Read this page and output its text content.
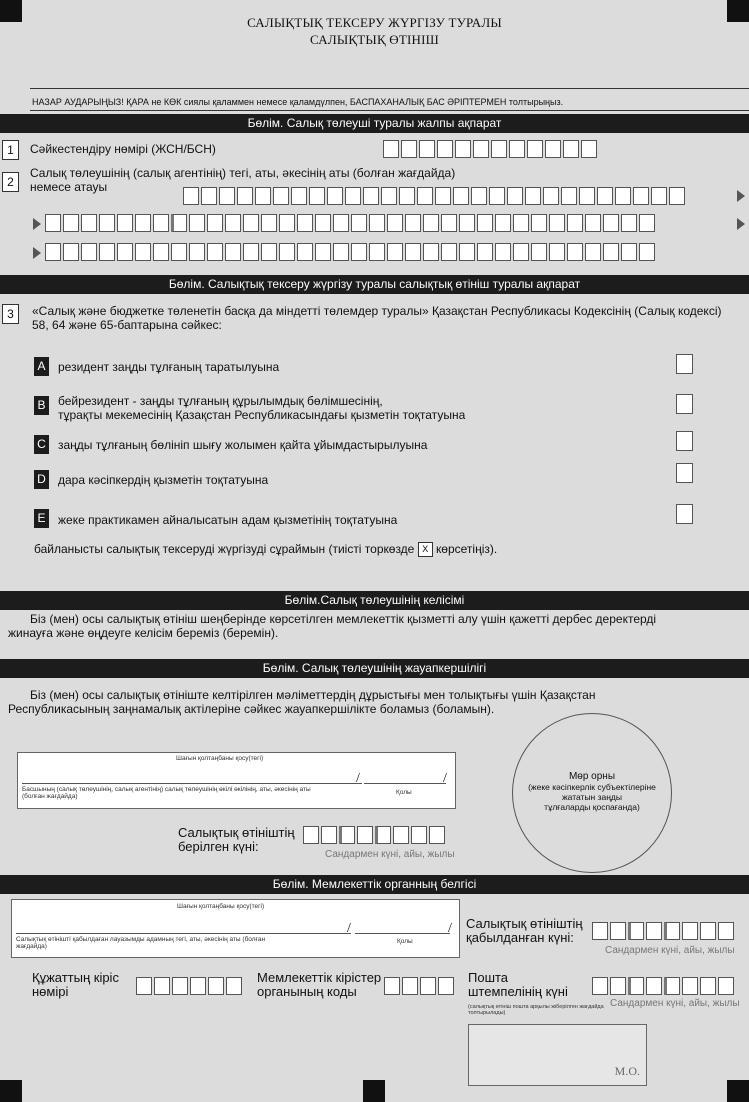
САЛЫҚТЫҚ ТЕКСЕРУ ЖҮРГІЗУ ТУРАЛЫ
САЛЫҚТЫҚ ӨТІНІШ
НАЗАР АУДАРЫҢЫЗ! ҚАРА не КӨК сиялы қаламмен немесе қаламдүлпен, БАСПАХАНАЛЫҚ БАС ӘРІПТЕРМЕН толтырыңыз.
Бөлім. Салық төлеушi туралы жалпы ақпарат
1	Сәйкестендіру нөмiрi (ЖСН/БСН)
2
Салық төлеушінің (салық агентінің) тегі, аты, әкесінің аты (болған жағдайда)
немесе атауы
Бөлім. Салықтық тексеру жүргізу туралы салықтық өтініш туралы ақпарат
3	«Салық және бюджетке төленетін басқа да міндетті төлемдер туралы» Қазақстан Республикасы Кодексінің (Салық кодексі)
58, 64 және 65-баптарына сәйкес:
A резидент заңды тұлғаның таратылуына
B бейрезидент - заңды тұлғаның құрылымдық бөлімшесінің,
тұрақты мекемесінің Қазақстан Республикасындағы қызметін тоқтатуына
C заңды тұлғаның бөлініп шығу жолымен қайта ұйымдастырылуына
D дара кәсіпкердің қызметін тоқтатуына
E жеке практикамен айналысатын адам қызметінің тоқтатуына
байланысты салықтық тексеруді жүргізуді сұраймын (тиісті торкөзде X көрсетіңіз).
Бөлім.Салық төлеушінің келісімі
Біз (мен) осы салықтық өтініш шеңберінде көрсетілген мемлекеттік қызметті алу үшін қажетті дербес деректерді
жинауға және өңдеуге келісім береміз (беремін).
Бөлім. Салық төлеушінің жауапкершілігі
Біз (мен) осы салықтық өтініште келтірілген мәліметтердің дұрыстығы мен толықтығы үшін Қазақстан
Республикасының заңнамалық актілеріне сәйкес жауапкершілікте боламыз (боламын).
Шағын қолтаңбаны қосу(тегі)
/	/
Басшының (салық төлеушінің, салық агентінің) салық төлеушінің өкілі өкілінің, аты, әкесінің аты (болған жағдайда)
Қолы
Салықтық өтініштің
берілген күні:
Сандармен күні, айы, жылы
Мөр орны
(жеке кәсіпкерлік субъектілеріне
жататын заңды
тұлғаларды қоспағанда)
Бөлім. Мемлекеттік органның белгісі
Шағын қолтаңбаны қосу(тегі)
/	/
Салықтық өтінішті қабылдаған лауазымды адамның тегі, аты, әкесінің аты (болған жағдайда)
Қолы
Салықтық өтініштің
қабылданған күні:
Сандармен күні, айы, жылы
Құжаттың кіріс
нөмірі
Мемлекеттік кірістер
органының коды
Пошта
штемпелінің күні
(салықтық өтініш пошта арқылы жіберілген жағдайда толтырылады)
Сандармен күні, айы, жылы
М.О.
